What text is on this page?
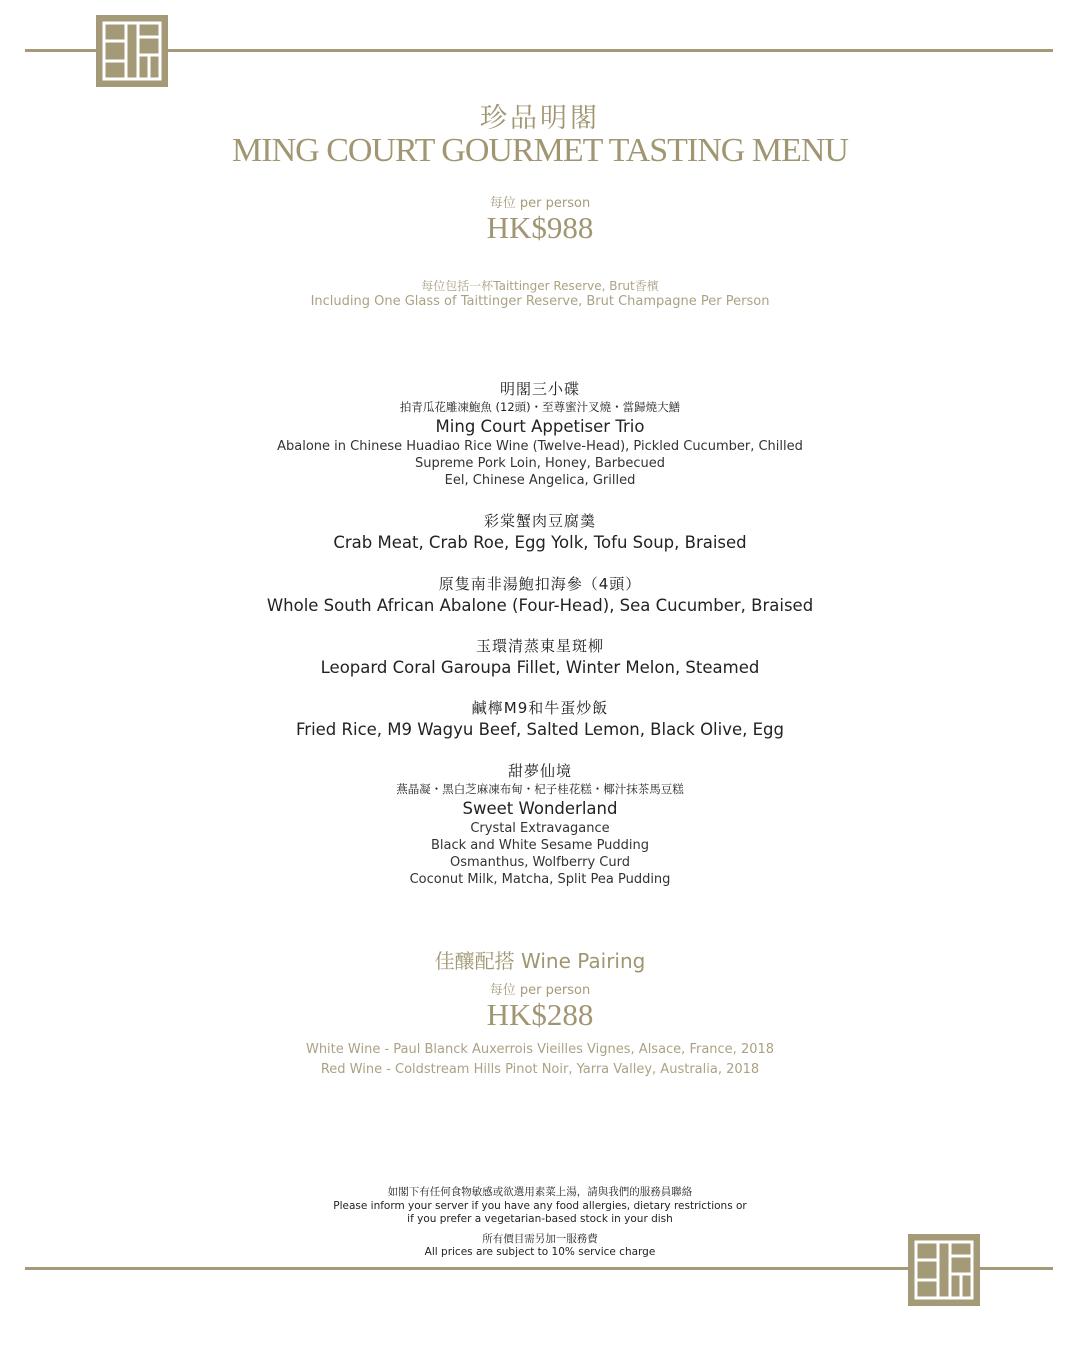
珍品明閣
MING COURT GOURMET TASTING MENU
每位 per person
HK$988
每位包括一杯Taittinger Reserve, Brut香檳
Including One Glass of Taittinger Reserve, Brut Champagne Per Person
明閣三小碟
拍青瓜花雕凍鮑魚 (12頭)・至尊蜜汁叉燒・當歸燒大鱔
Ming Court Appetiser Trio
Abalone in Chinese Huadiao Rice Wine (Twelve-Head), Pickled Cucumber, Chilled
Supreme Pork Loin, Honey, Barbecued
Eel, Chinese Angelica, Grilled
彩棠蟹肉豆腐羹
Crab Meat, Crab Roe, Egg Yolk, Tofu Soup, Braised
原隻南非湯鮑扣海參（4頭）
Whole South African Abalone (Four-Head), Sea Cucumber, Braised
玉環清蒸東星斑柳
Leopard Coral Garoupa Fillet, Winter Melon, Steamed
鹹檸M9和牛蛋炒飯
Fried Rice, M9 Wagyu Beef, Salted Lemon, Black Olive, Egg
甜夢仙境
燕晶凝・黑白芝麻凍布甸・杞子桂花糕・椰汁抹茶馬豆糕
Sweet Wonderland
Crystal Extravagance
Black and White Sesame Pudding
Osmanthus, Wolfberry Curd
Coconut Milk, Matcha, Split Pea Pudding
佳釀配搭 Wine Pairing
每位 per person
HK$288
White Wine - Paul Blanck Auxerrois Vieilles Vignes, Alsace, France, 2018
Red Wine - Coldstream Hills Pinot Noir, Yarra Valley, Australia, 2018
如閣下有任何食物敏感或欲選用素菜上湯，請與我們的服務員聯絡
Please inform your server if you have any food allergies, dietary restrictions or
if you prefer a vegetarian-based stock in your dish
所有價目需另加一服務費
All prices are subject to 10% service charge
